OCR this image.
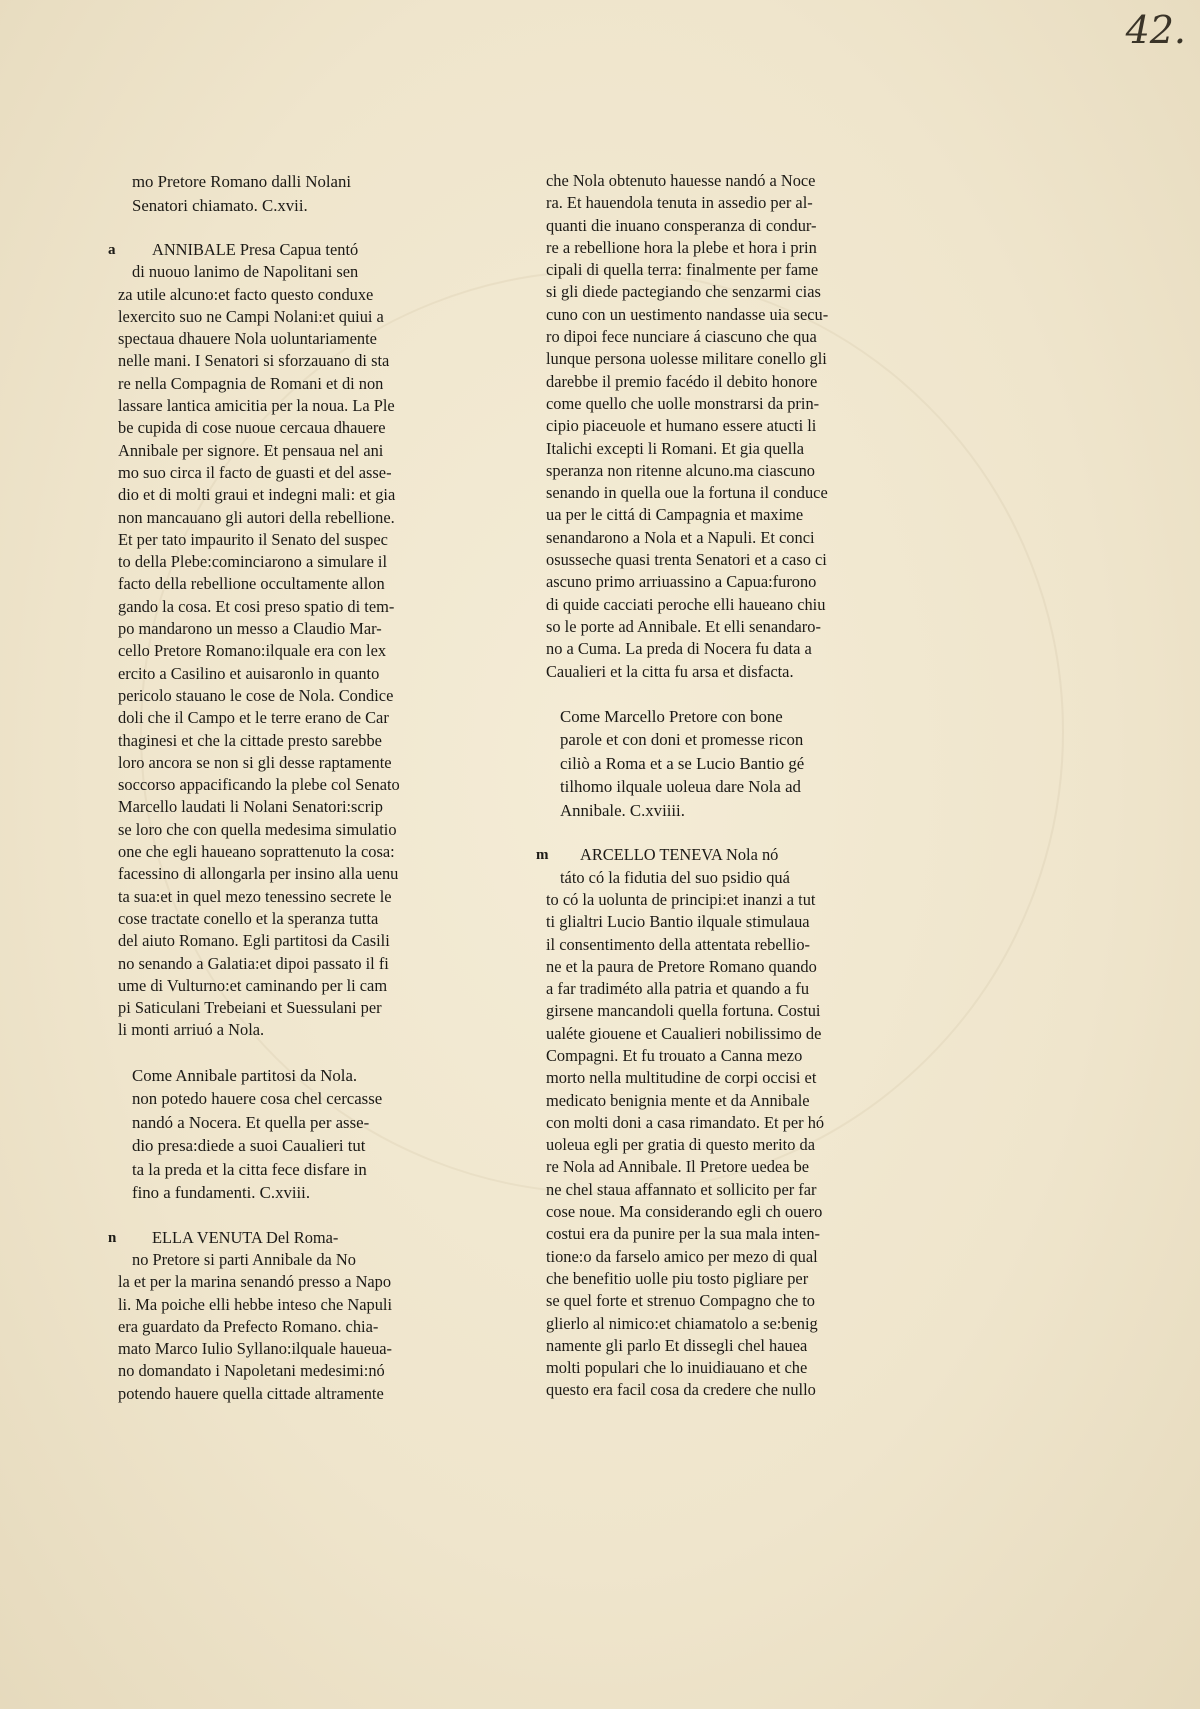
42.
mo Pretore Romano dalli Nolani
Senatori chiamato. C.xvii.
a	ANNIBALE Presa Capua tentó
di nuouo lanimo de Napolitani sen
za utile alcuno:et facto questo conduxe
lexercito suo ne Campi Nolani:et quiui a
spectaua dhauere Nola uoluntariamente
nelle mani. I Senatori si sforzauano di sta
re nella Compagnia de Romani et di non
lassare lantica amicitia per la noua. La Ple
be cupida di cose nuoue cercaua dhauere
Annibale per signore. Et pensaua nel ani
mo suo circa il facto de guasti et del asse-
dio et di molti graui et indegni mali: et gia
non mancauano gli autori della rebellione.
Et per tato impaurito il Senato del suspec
to della Plebe:cominciarono a simulare il
facto della rebellione occultamente allon
gando la cosa. Et cosi preso spatio di tem-
po mandarono un messo a Claudio Mar-
cello Pretore Romano:ilquale era con lex
ercito a Casilino et auisaronlo in quanto
pericolo stauano le cose de Nola. Condice
doli che il Campo et le terre erano de Car
thaginesi et che la cittade presto sarebbe
loro ancora se non si gli desse raptamente
soccorso appacificando la plebe col Senato
Marcello laudati li Nolani Senatori:scrip
se loro che con quella medesima simulatio
one che egli haueano soprattenuto la cosa:
facessino di allongarla per insino alla uenu
ta sua:et in quel mezo tenessino secrete le
cose tractate conello et la speranza tutta
del aiuto Romano. Egli partitosi da Casili
no senando a Galatia:et dipoi passato il fi
ume di Vulturno:et caminando per li cam
pi Saticulani Trebeiani et Suessulani per
li monti arriuó a Nola.
Come Annibale partitosi da Nola.
non potedo hauere cosa chel cercasse
nandó a Nocera. Et quella per asse-
dio presa:diede a suoi Caualieri tut
ta la preda et la citta fece disfare in
fino a fundamenti. C.xviii.
n	ELLA VENUTA Del Roma-
no Pretore si parti Annibale da No
la et per la marina senandó presso a Napo
li. Ma poiche elli hebbe inteso che Napuli
era guardato da Prefecto Romano. chia-
mato Marco Iulio Syllano:ilquale haueua-
no domandato i Napoletani medesimi:nó
potendo hauere quella cittade altramente
che Nola obtenuto hauesse nandó a Noce
ra. Et hauendola tenuta in assedio per al-
quanti die inuano consperanza di condur-
re a rebellione hora la plebe et hora i prin
cipali di quella terra: finalmente per fame
si gli diede pactegiando che senzarmi cias
cuno con un uestimento nandasse uia secu-
ro dipoi fece nunciare á ciascuno che qua
lunque persona uolesse militare conello gli
darebbe il premio facédo il debito honore
come quello che uolle monstrarsi da prin-
cipio piaceuole et humano essere atucti li
Italichi excepti li Romani. Et gia quella
speranza non ritenne alcuno.ma ciascuno
senando in quella oue la fortuna il conduce
ua per le cittá di Campagnia et maxime
senandarono a Nola et a Napuli. Et conci
osusseche quasi trenta Senatori et a caso ci
ascuno primo arriuassino a Capua:furono
di quide cacciati peroche elli haueano chiu
so le porte ad Annibale. Et elli senandaro-
no a Cuma. La preda di Nocera fu data a
Caualieri et la citta fu arsa et disfacta.
Come Marcello Pretore con bone
parole et con doni et promesse ricon
ciliò a Roma et a se Lucio Bantio gé
tilhomo ilquale uoleua dare Nola ad
Annibale. C.xviiii.
m	ARCELLO TENEVA Nola nó
táto có la fidutia del suo psidio quá
to có la uolunta de principi:et inanzi a tut
ti glialtri Lucio Bantio ilquale stimulaua
il consentimento della attentata rebellio-
ne et la paura de Pretore Romano quando
a far tradiméto alla patria et quando a fu
girsene mancandoli quella fortuna. Costui
ualéte giouene et Caualieri nobilissimo de
Compagni. Et fu trouato a Canna mezo
morto nella multitudine de corpi occisi et
medicato benignia mente et da Annibale
con molti doni a casa rimandato. Et per hó
uoleua egli per gratia di questo merito da
re Nola ad Annibale. Il Pretore uedea be
ne chel staua affannato et sollicito per far
cose noue. Ma considerando egli ch ouero
costui era da punire per la sua mala inten-
tione:o da farselo amico per mezo di qual
che benefitio uolle piu tosto pigliare per
se quel forte et strenuo Compagno che to
glierlo al nimico:et chiamatolo a se:benig
namente gli parlo Et dissegli chel hauea
molti populari che lo inuidiauano et che
questo era facil cosa da credere che nullo
